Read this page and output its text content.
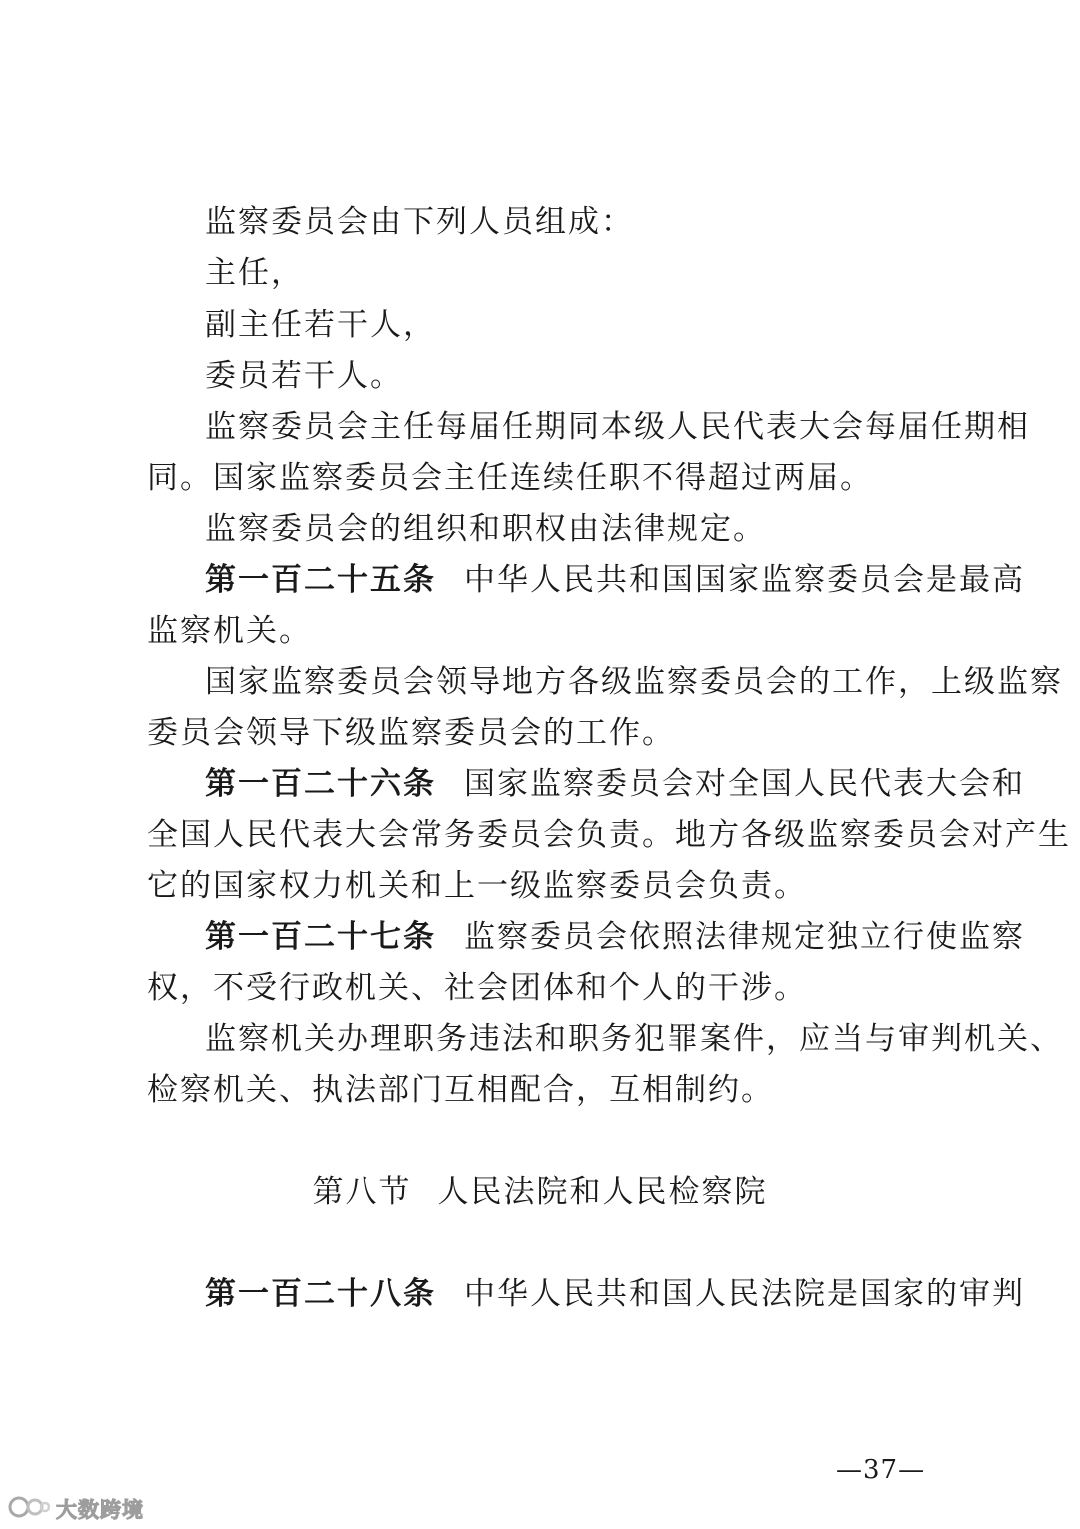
监察委员会由下列人员组成：
主任，
副主任若干人，
委员若干人。
监察委员会主任每届任期同本级人民代表大会每届任期相
同。国家监察委员会主任连续任职不得超过两届。
监察委员会的组织和职权由法律规定。
第一百二十五条 中华人民共和国国家监察委员会是最高
监察机关。
国家监察委员会领导地方各级监察委员会的工作，上级监察
委员会领导下级监察委员会的工作。
第一百二十六条 国家监察委员会对全国人民代表大会和
全国人民代表大会常务委员会负责。地方各级监察委员会对产生
它的国家权力机关和上一级监察委员会负责。
第一百二十七条 监察委员会依照法律规定独立行使监察
权，不受行政机关、社会团体和个人的干涉。
监察机关办理职务违法和职务犯罪案件，应当与审判机关、
检察机关、执法部门互相配合，互相制约。
第八节 人民法院和人民检察院
第一百二十八条 中华人民共和国人民法院是国家的审判
—37—
大数跨境
